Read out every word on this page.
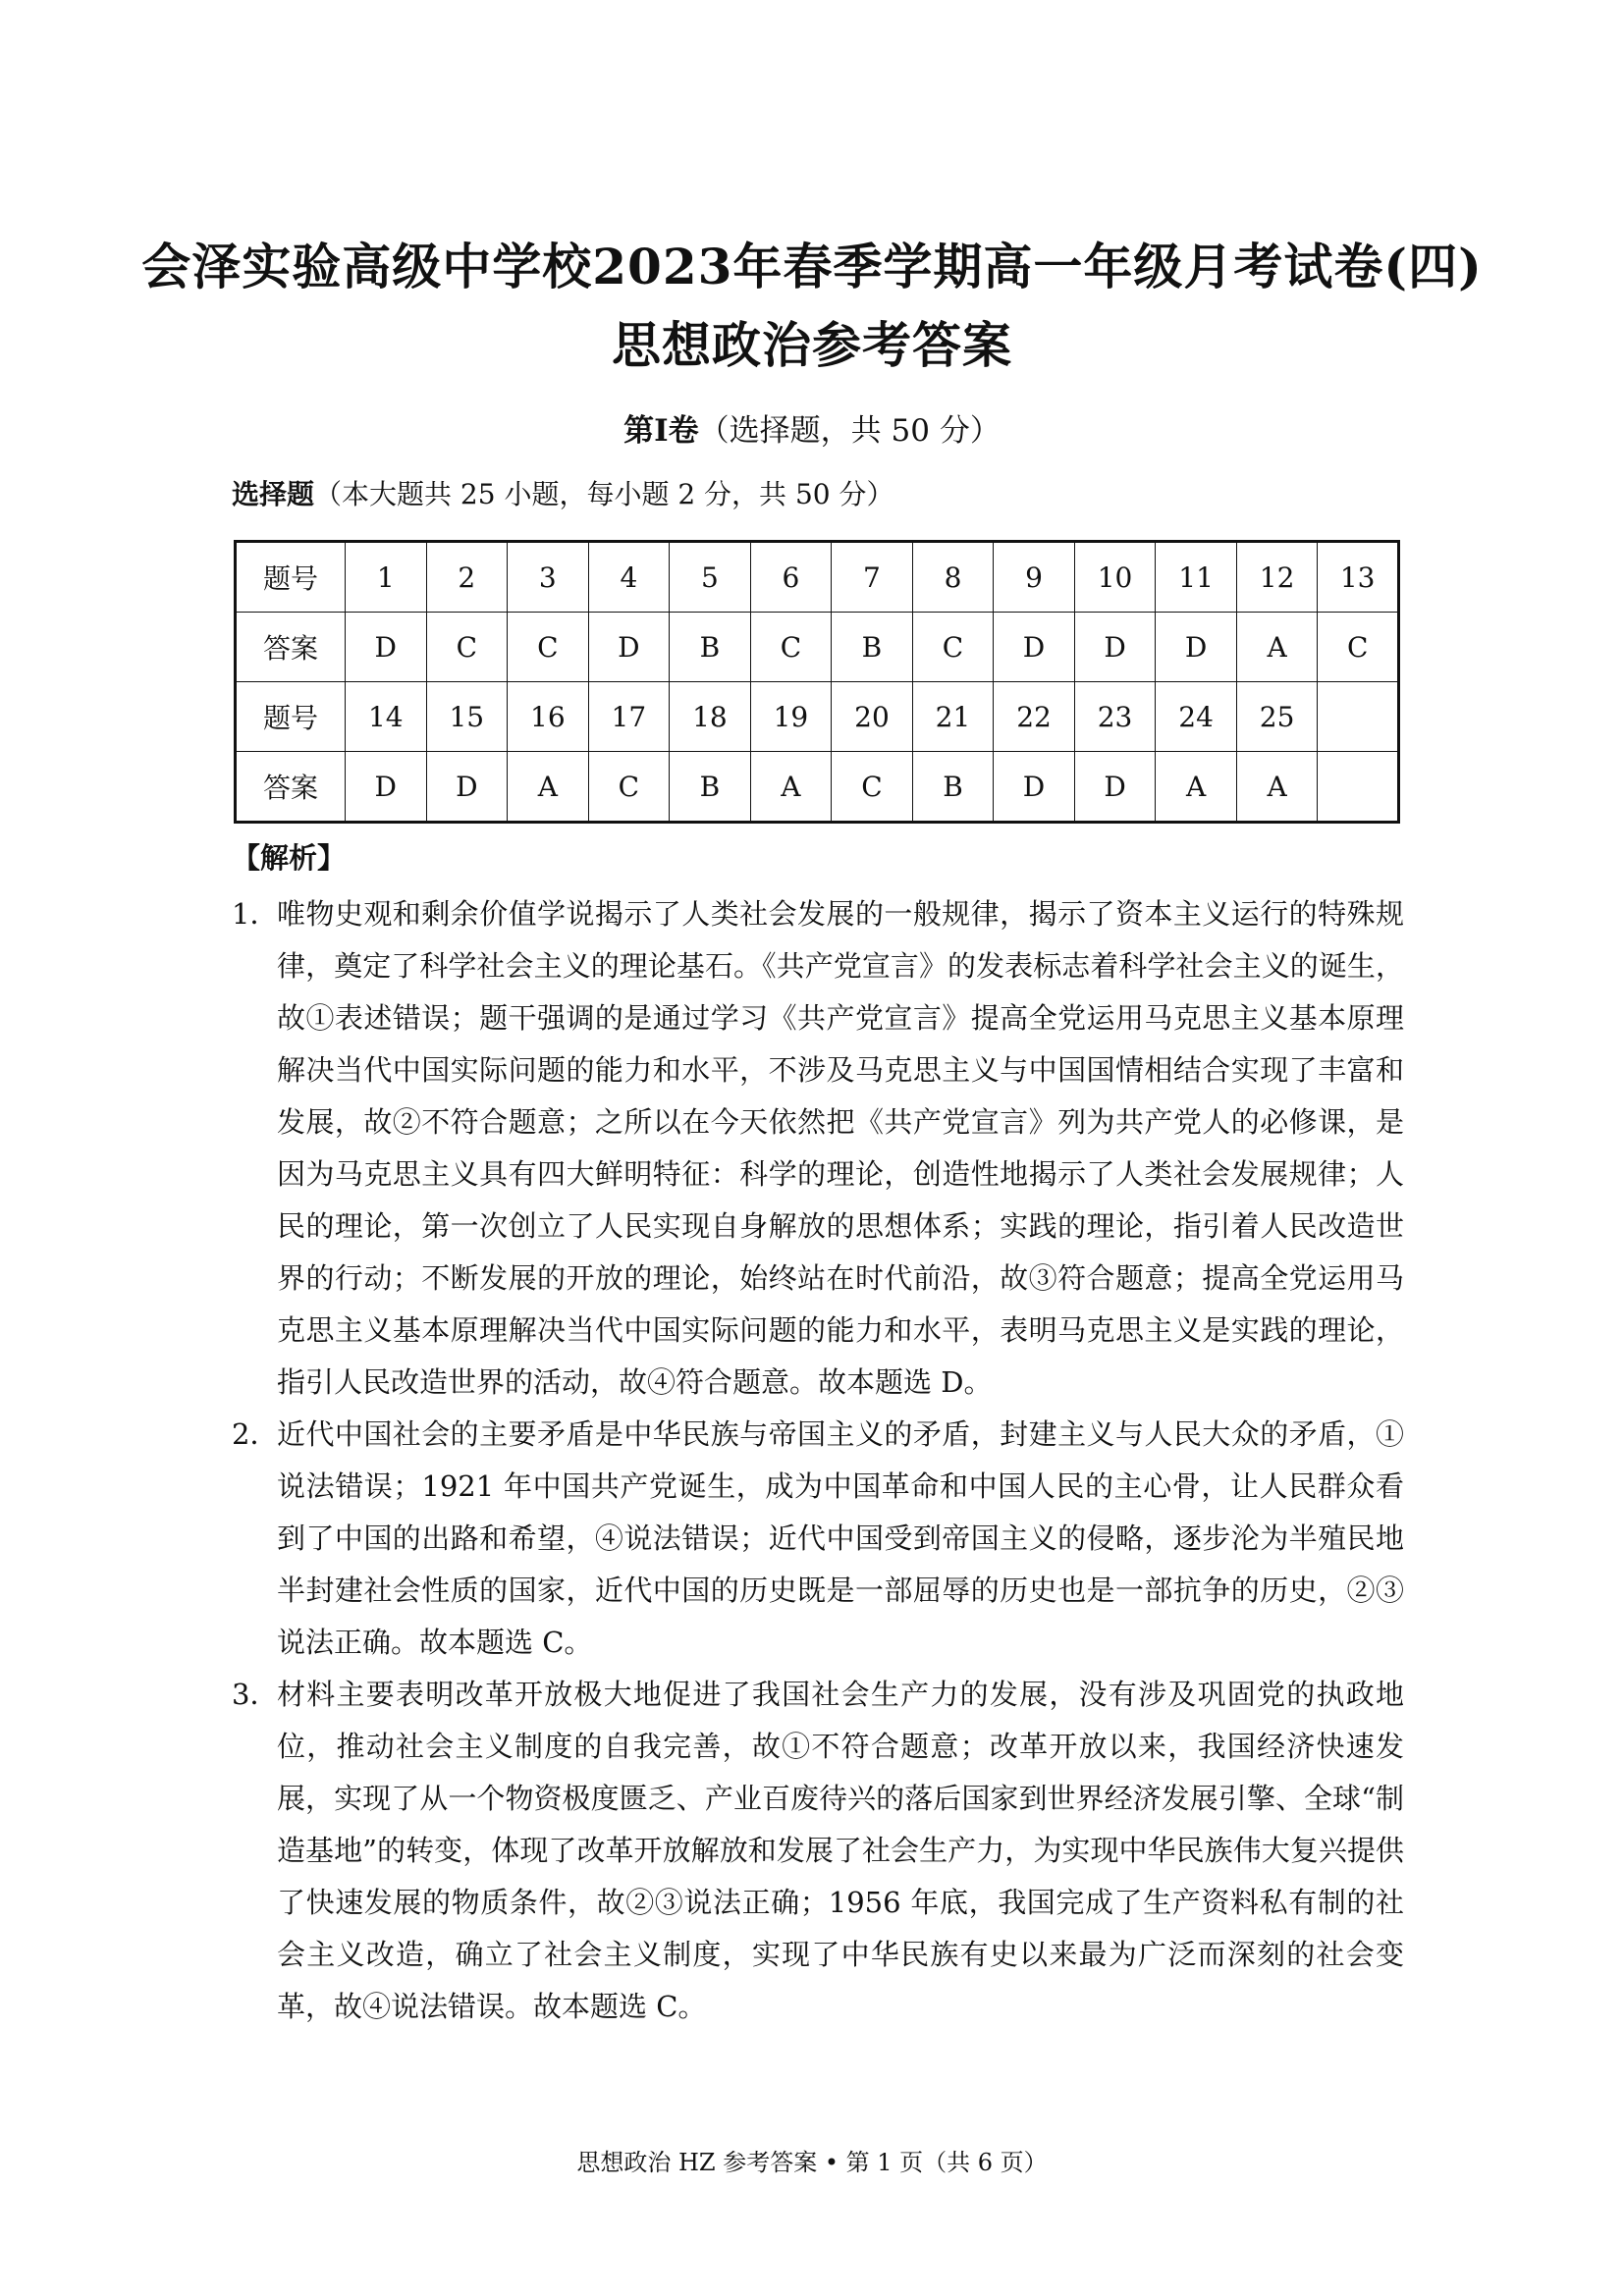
会泽实验高级中学校2023年春季学期高一年级月考试卷(四)
思想政治参考答案
第Ⅰ卷（选择题，共 50 分）
选择题（本大题共 25 小题，每小题 2 分，共 50 分）
题号	1	2	3	4	5	6	7	8	9	10	11	12	13
答案	D	C	C	D	B	C	B	C	D	D	D	A	C
题号	14	15	16	17	18	19	20	21	22	23	24	25	
答案	D	D	A	C	B	A	C	B	D	D	A	A	
【解析】
1．
唯物史观和剩余价值学说揭示了人类社会发展的一般规律，揭示了资本主义运行的特殊规律，奠定了科学社会主义的理论基石。《共产党宣言》的发表标志着科学社会主义的诞生，故①表述错误；题干强调的是通过学习《共产党宣言》提高全党运用马克思主义基本原理解决当代中国实际问题的能力和水平，不涉及马克思主义与中国国情相结合实现了丰富和发展，故②不符合题意；之所以在今天依然把《共产党宣言》列为共产党人的必修课，是因为马克思主义具有四大鲜明特征：科学的理论，创造性地揭示了人类社会发展规律；人民的理论，第一次创立了人民实现自身解放的思想体系；实践的理论，指引着人民改造世界的行动；不断发展的开放的理论，始终站在时代前沿，故③符合题意；提高全党运用马克思主义基本原理解决当代中国实际问题的能力和水平，表明马克思主义是实践的理论，指引人民改造世界的活动，故④符合题意。故本题选 D。
2．
近代中国社会的主要矛盾是中华民族与帝国主义的矛盾，封建主义与人民大众的矛盾，①说法错误；1921 年中国共产党诞生，成为中国革命和中国人民的主心骨，让人民群众看到了中国的出路和希望，④说法错误；近代中国受到帝国主义的侵略，逐步沦为半殖民地半封建社会性质的国家，近代中国的历史既是一部屈辱的历史也是一部抗争的历史，②③说法正确。故本题选 C。
3．
材料主要表明改革开放极大地促进了我国社会生产力的发展，没有涉及巩固党的执政地位，推动社会主义制度的自我完善，故①不符合题意；改革开放以来，我国经济快速发展，实现了从一个物资极度匮乏、产业百废待兴的落后国家到世界经济发展引擎、全球“制造基地”的转变，体现了改革开放解放和发展了社会生产力，为实现中华民族伟大复兴提供了快速发展的物质条件，故②③说法正确；1956 年底，我国完成了生产资料私有制的社会主义改造，确立了社会主义制度，实现了中华民族有史以来最为广泛而深刻的社会变革，故④说法错误。故本题选 C。
思想政治 HZ 参考答案 • 第 1 页（共 6 页）
